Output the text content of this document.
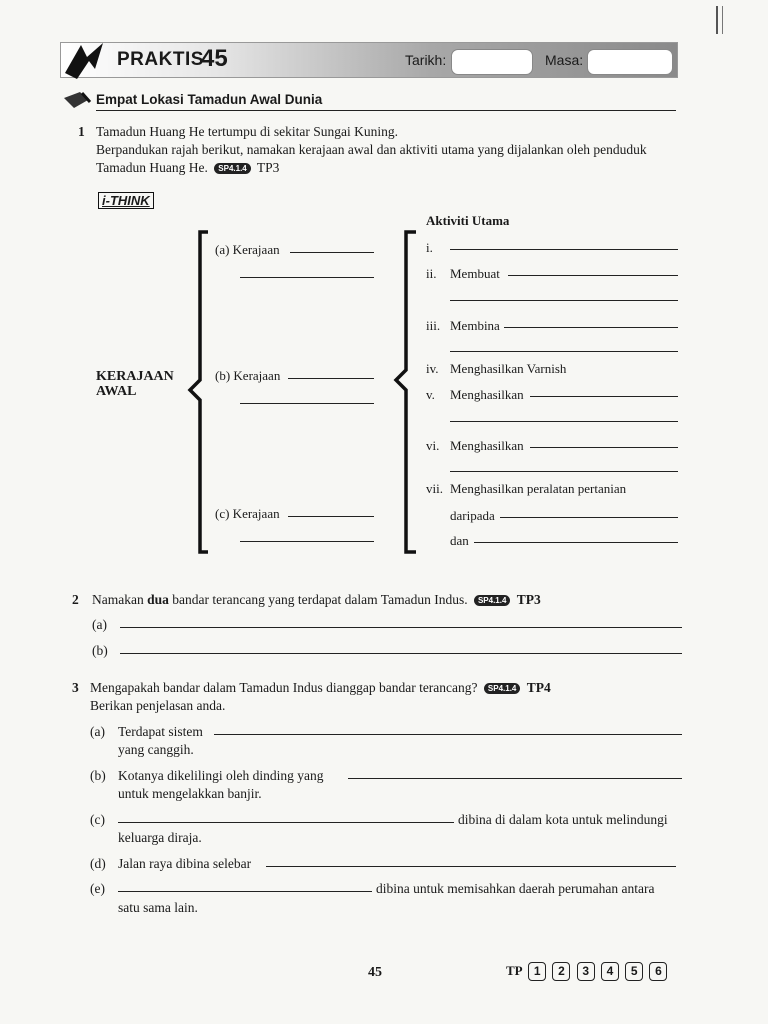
PRAKTIS
45	Tarikh:	Masa:
Empat Lokasi Tamadun Awal Dunia
1 Tamadun Huang He tertumpu di sekitar Sungai Kuning.
Berpandukan rajah berikut, namakan kerajaan awal dan aktiviti utama yang dijalankan oleh penduduk
Tamadun Huang He. SP4.1.4 TP3
i-THINK
Aktiviti Utama
KERAJAAN
AWAL
(a) Kerajaan
(b) Kerajaan
(c) Kerajaan
i.
ii. Membuat
iii. Membina
iv. Menghasilkan Varnish
v. Menghasilkan
vi. Menghasilkan
vii. Menghasilkan peralatan pertanian
daripada
dan
2 Namakan dua bandar terancang yang terdapat dalam Tamadun Indus. SP4.1.4 TP3
(a)
(b)
3 Mengapakah bandar dalam Tamadun Indus dianggap bandar terancang? SP4.1.4 TP4
Berikan penjelasan anda.
(a) Terdapat sistem
yang canggih.
(b) Kotanya dikelilingi oleh dinding yang
untuk mengelakkan banjir.
(c)	dibina di dalam kota untuk melindungi
keluarga diraja.
(d) Jalan raya dibina selebar
(e)	dibina untuk memisahkan daerah perumahan antara
satu sama lain.
45	TP 1 2 3 4 5 6
